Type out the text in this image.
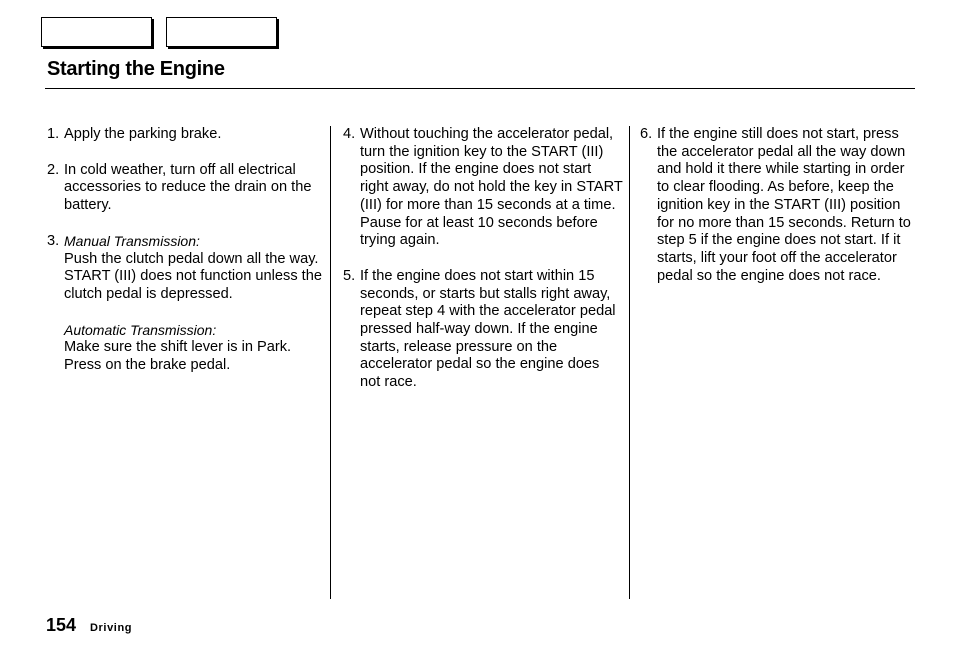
Starting the Engine
1. Apply the parking brake.
2. In cold weather, turn off all electrical accessories to reduce the drain on the battery.
3. Manual Transmission:
Push the clutch pedal down all the way. START (III) does not function unless the clutch pedal is depressed.
Automatic Transmission:
Make sure the shift lever is in Park. Press on the brake pedal.
4. Without touching the accelerator pedal, turn the ignition key to the START (III) position. If the engine does not start right away, do not hold the key in START (III) for more than 15 seconds at a time. Pause for at least 10 seconds before trying again.
5. If the engine does not start within 15 seconds, or starts but stalls right away, repeat step 4 with the accelerator pedal pressed half-way down. If the engine starts, release pressure on the accelerator pedal so the engine does not race.
6. If the engine still does not start, press the accelerator pedal all the way down and hold it there while starting in order to clear flooding. As before, keep the ignition key in the START (III) position for no more than 15 seconds. Return to step 5 if the engine does not start. If it starts, lift your foot off the accelerator pedal so the engine does not race.
154 Driving
